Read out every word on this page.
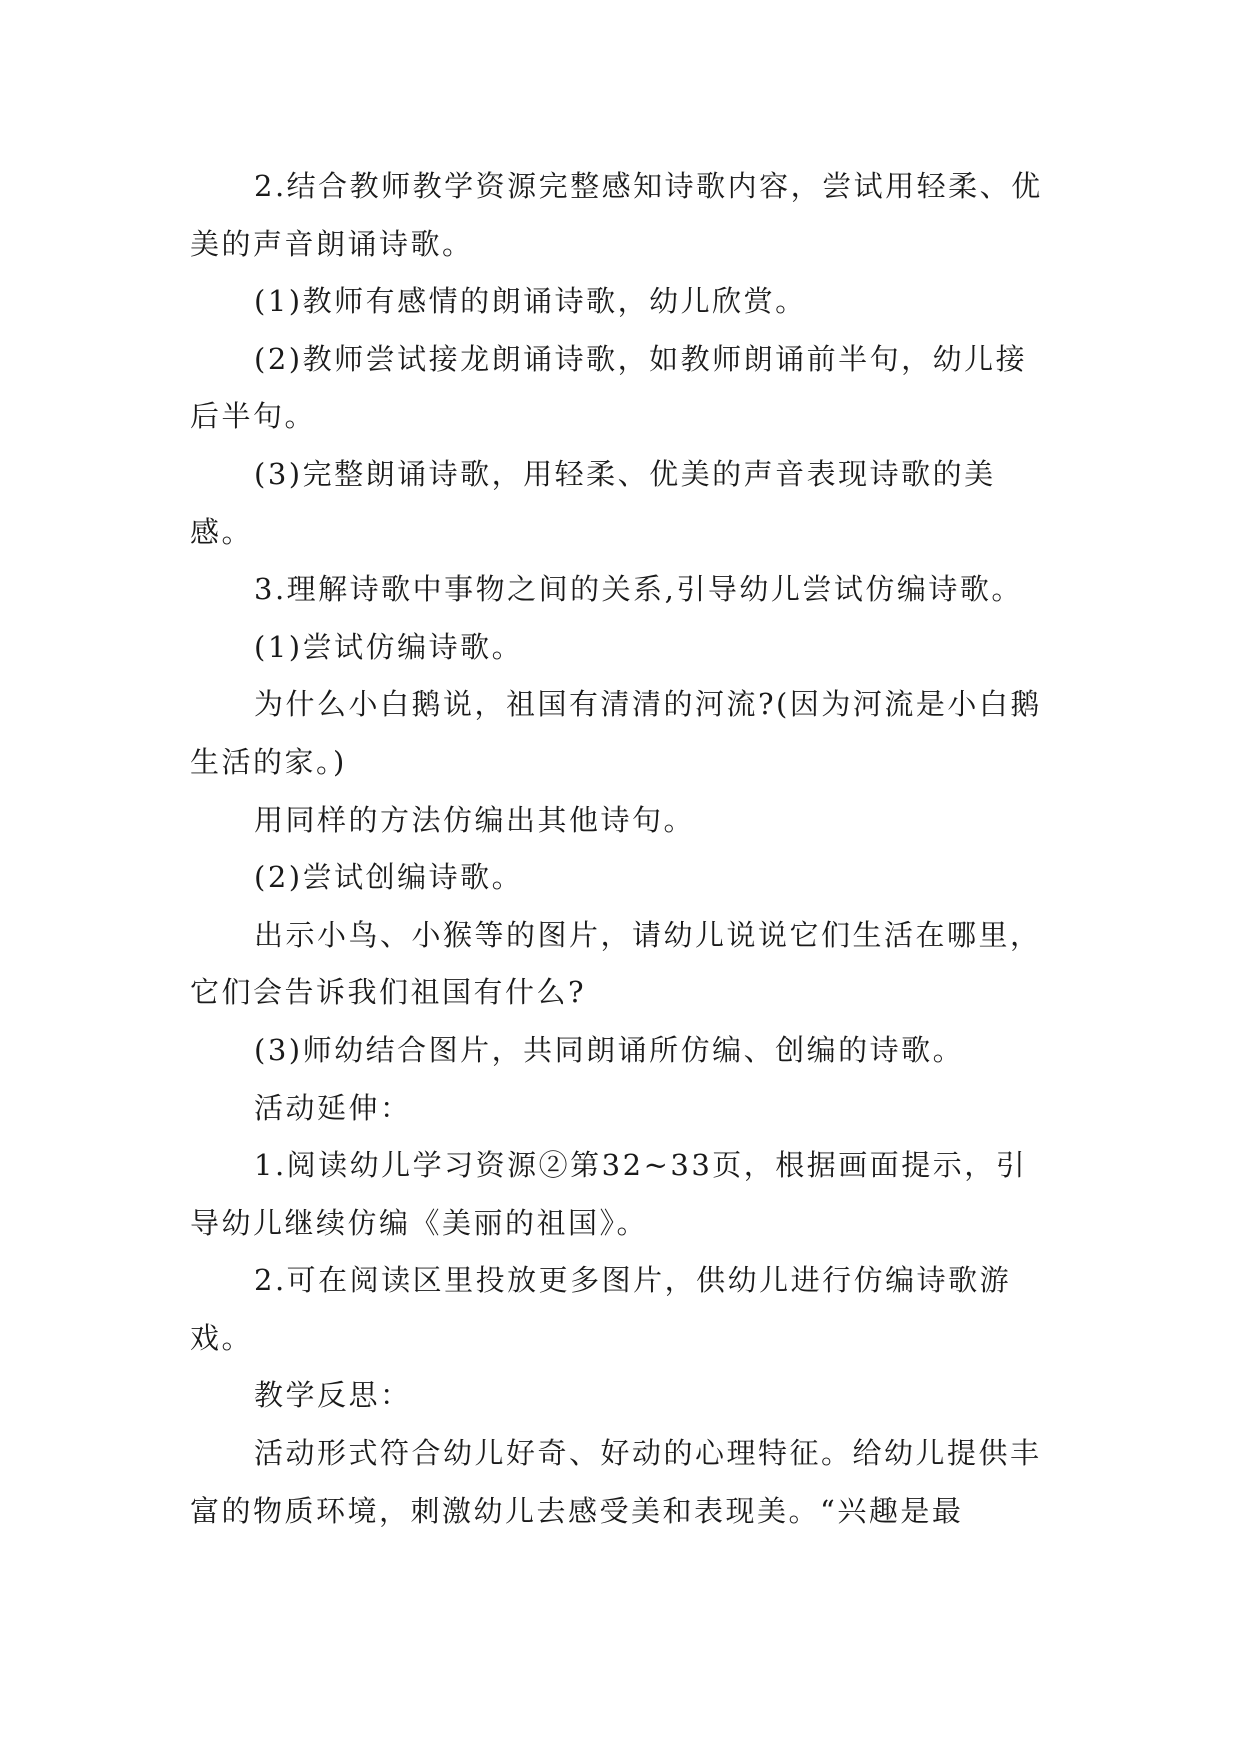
2.结合教师教学资源完整感知诗歌内容，尝试用轻柔、优美的声音朗诵诗歌。

(1)教师有感情的朗诵诗歌，幼儿欣赏。

(2)教师尝试接龙朗诵诗歌，如教师朗诵前半句，幼儿接后半句。

(3)完整朗诵诗歌，用轻柔、优美的声音表现诗歌的美感。

3.理解诗歌中事物之间的关系,引导幼儿尝试仿编诗歌。

(1)尝试仿编诗歌。

为什么小白鹅说，祖国有清清的河流?(因为河流是小白鹅生活的家。)

用同样的方法仿编出其他诗句。

(2)尝试创编诗歌。

出示小鸟、小猴等的图片，请幼儿说说它们生活在哪里，它们会告诉我们祖国有什么?

(3)师幼结合图片，共同朗诵所仿编、创编的诗歌。

活动延伸：

1.阅读幼儿学习资源②第32~33页，根据画面提示，引导幼儿继续仿编《美丽的祖国》。

2.可在阅读区里投放更多图片，供幼儿进行仿编诗歌游戏。

教学反思：

活动形式符合幼儿好奇、好动的心理特征。给幼儿提供丰富的物质环境，刺激幼儿去感受美和表现美。“兴趣是最
